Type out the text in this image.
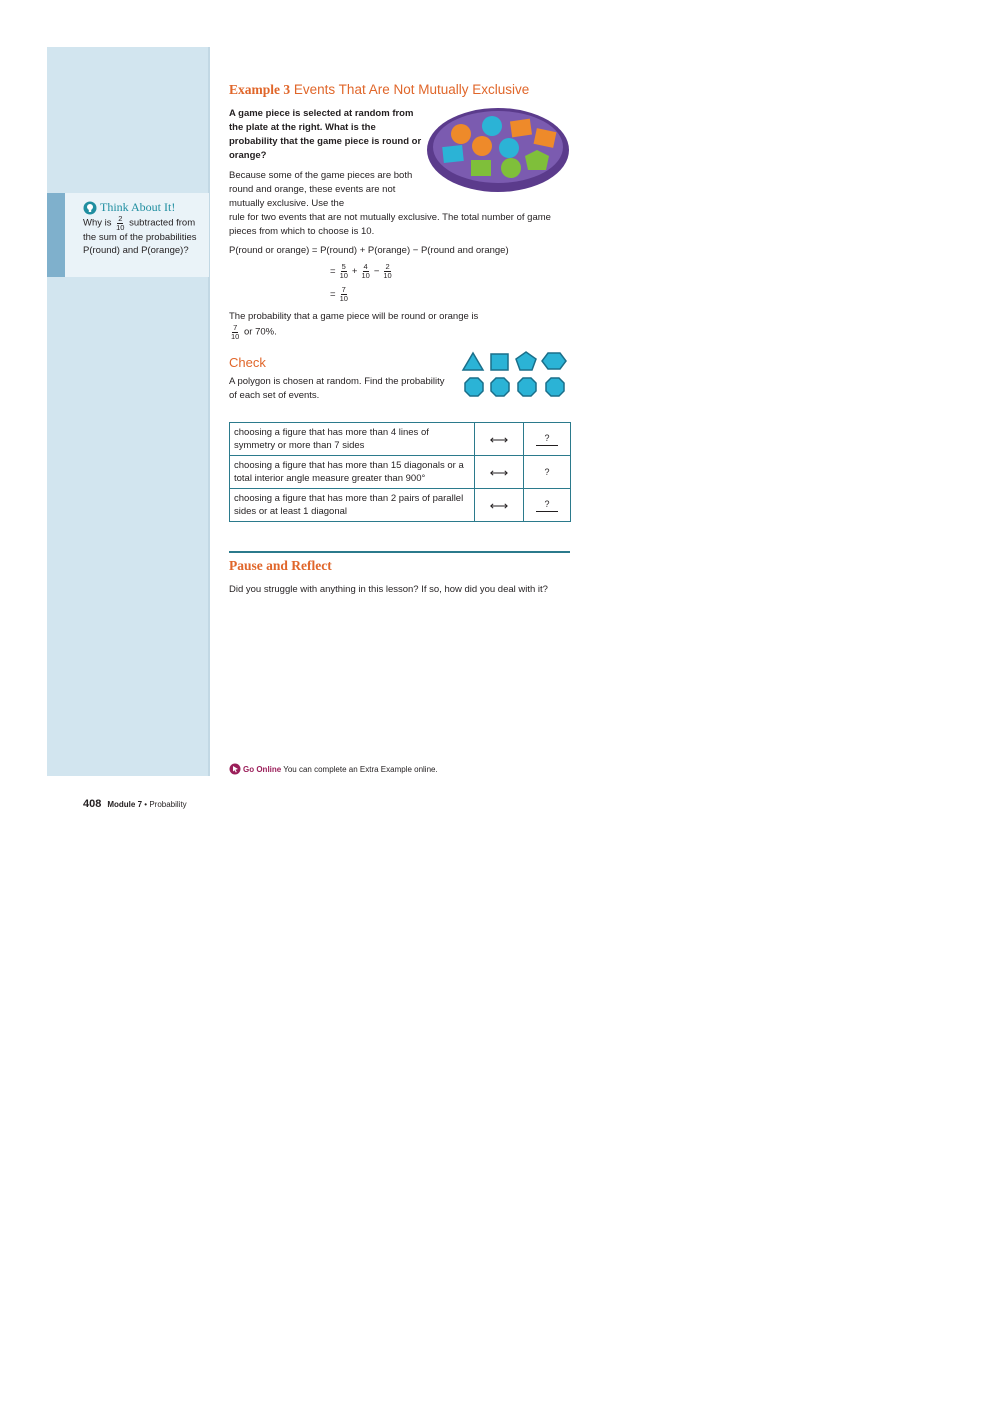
Think About It!
Why is $\frac{2}{10}$ subtracted from the sum of the probabilities P(round) and P(orange)?
Example 3 Events That Are Not Mutually Exclusive
A game piece is selected at random from the plate at the right. What is the probability that the game piece is round or orange?
Because some of the game pieces are both round and orange, these events are not mutually exclusive. Use the
rule for two events that are not mutually exclusive. The total number of game pieces from which to choose is 10.
P(round or orange) = P(round) + P(orange) − P(round and orange)
= $\frac{5}{10} + \frac{4}{10} - \frac{2}{10}$
= $\frac{7}{10}$
The probability that a game piece will be round or orange is

$\frac{7}{10}$ or 70%.
Check
A polygon is chosen at random. Find the probability of each set of events.
choosing a figure that has more than 4 lines of symmetry or more than 7 sides	⟷	?
choosing a figure that has more than 15 diagonals or a total interior angle measure greater than 900°	⟷	?
choosing a figure that has more than 2 pairs of parallel sides or at least 1 diagonal	⟷	?
Pause and Reflect
Did you struggle with anything in this lesson? If so, how did you deal with it?
Go Online You can complete an Extra Example online.
408 Module 7 • Probability
